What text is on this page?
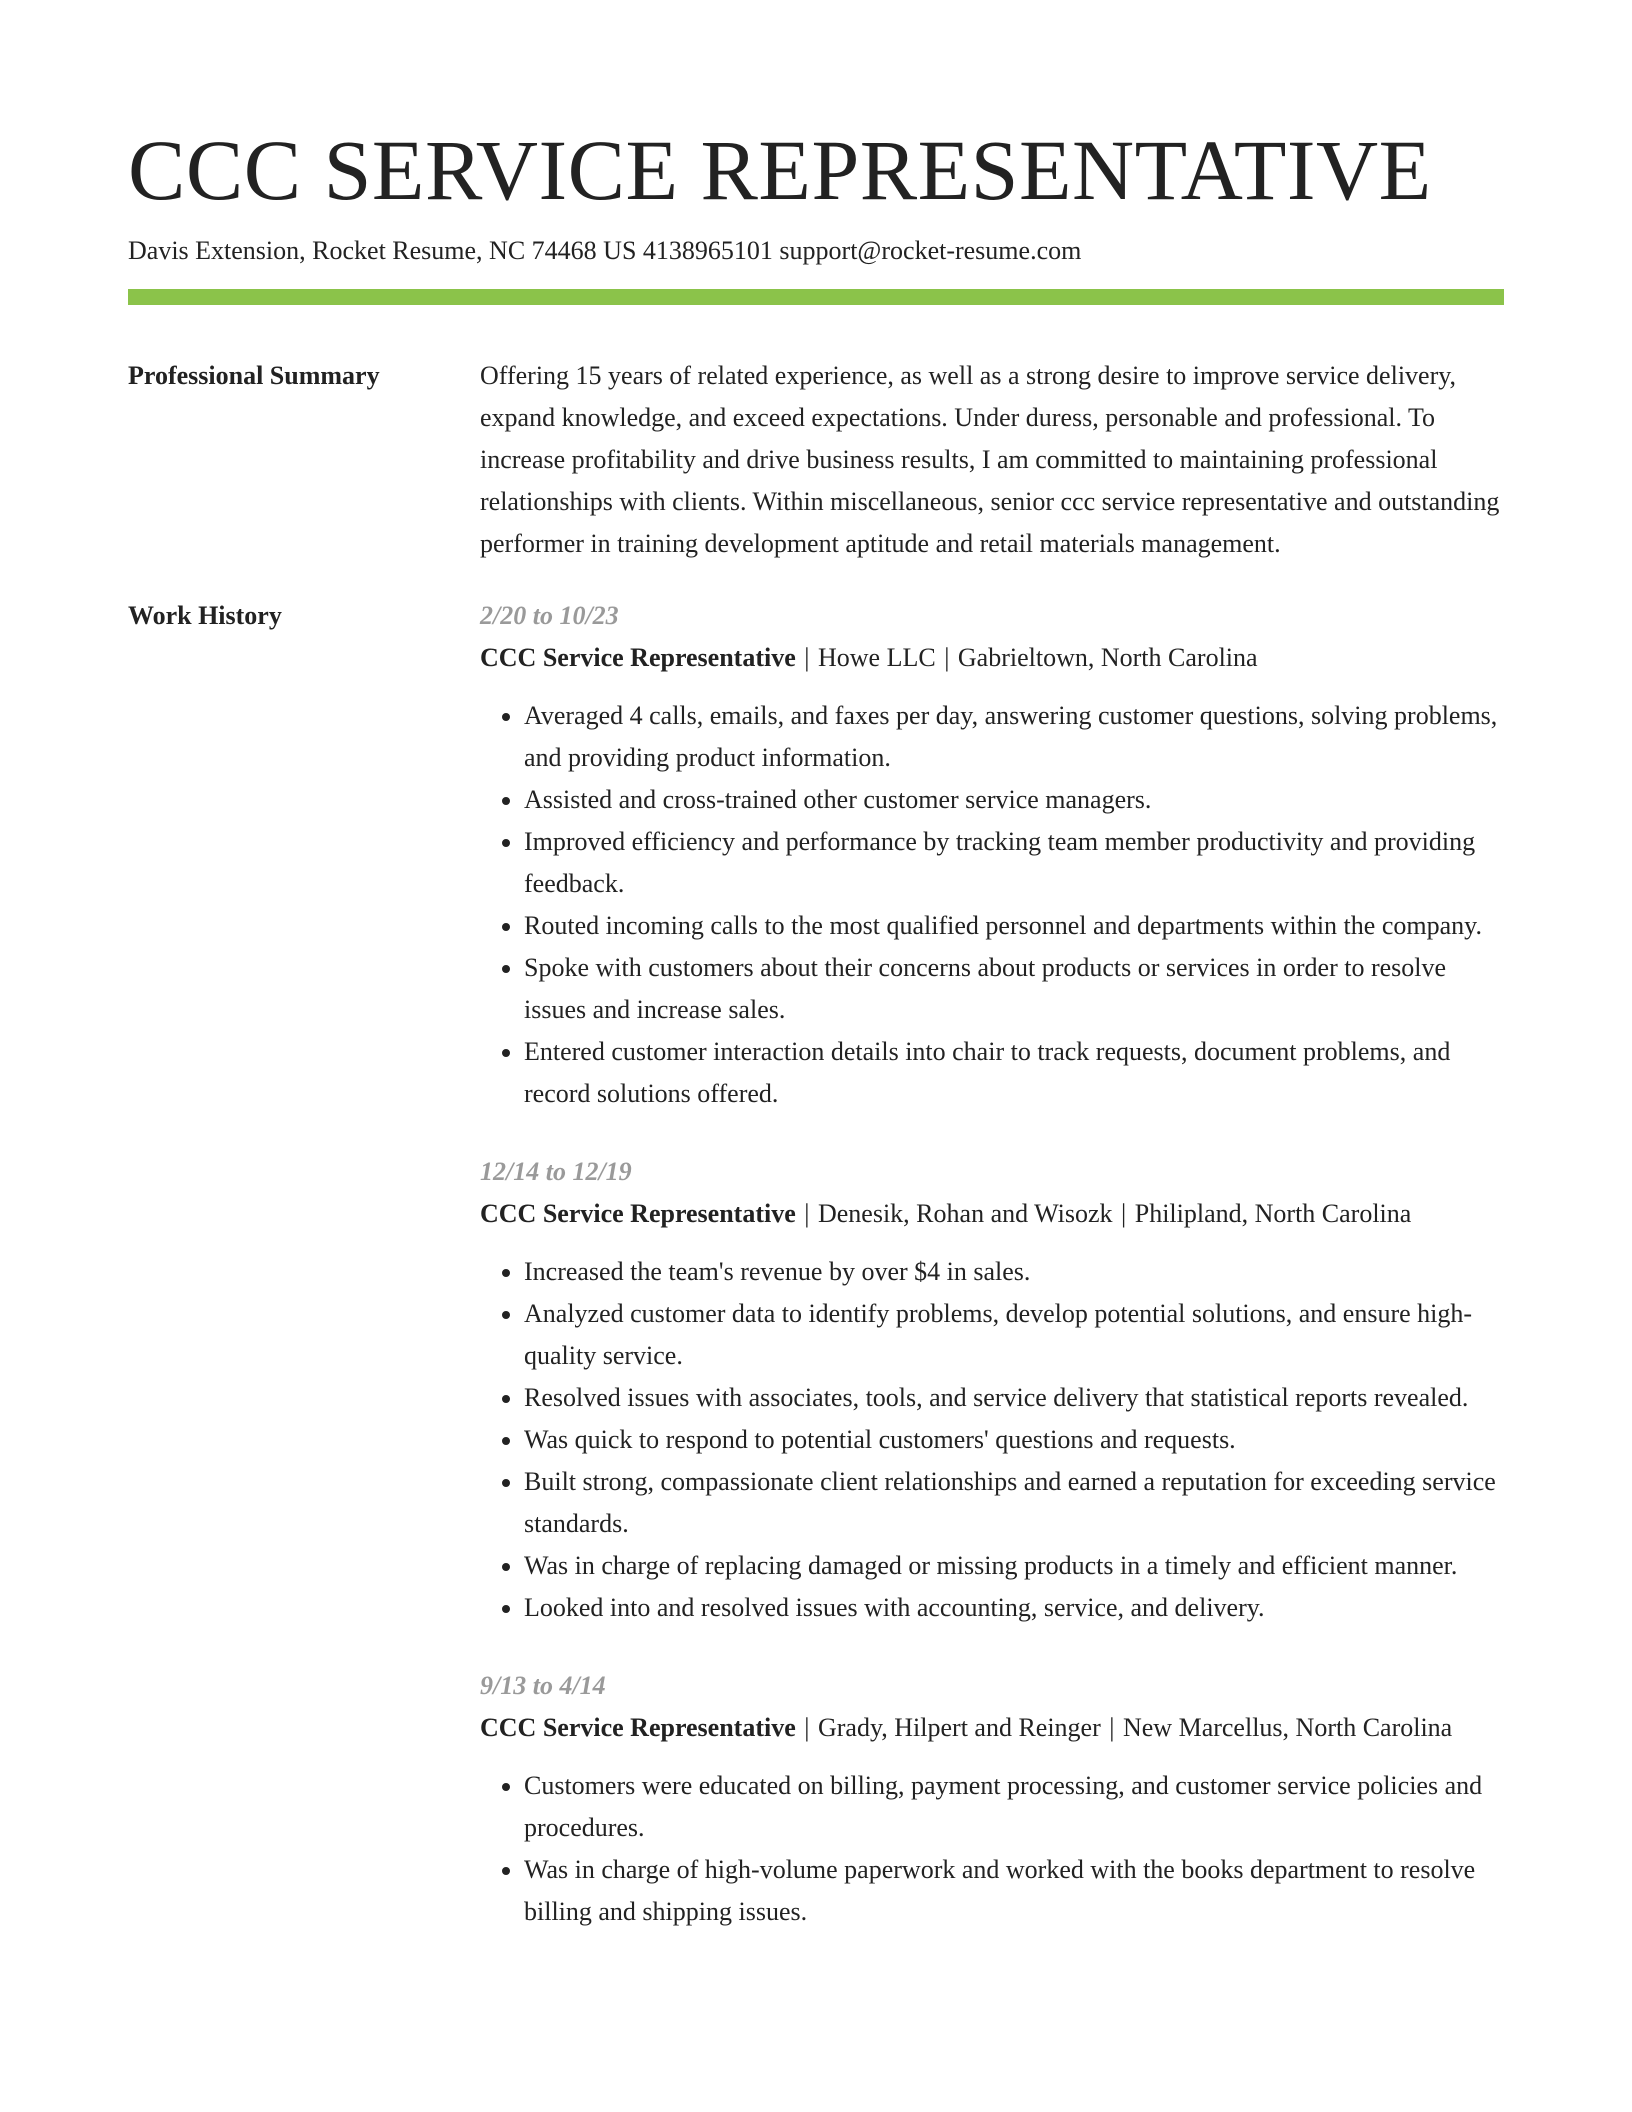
CCC SERVICE REPRESENTATIVE
Davis Extension, Rocket Resume, NC 74468 US 4138965101 support@rocket-resume.com
Professional Summary	Offering 15 years of related experience, as well as a strong desire to improve service delivery, expand knowledge, and exceed expectations. Under duress, personable and professional. To increase profitability and drive business results, I am committed to maintaining professional relationships with clients. Within miscellaneous, senior ccc service representative and outstanding performer in training development aptitude and retail materials management.

Work History	2/20 to 10/23
CCC Service Representative | Howe LLC | Gabrieltown, North Carolina
• Averaged 4 calls, emails, and faxes per day, answering customer questions, solving problems, and providing product information.
• Assisted and cross-trained other customer service managers.
• Improved efficiency and performance by tracking team member productivity and providing feedback.
• Routed incoming calls to the most qualified personnel and departments within the company.
• Spoke with customers about their concerns about products or services in order to resolve issues and increase sales.
• Entered customer interaction details into chair to track requests, document problems, and record solutions offered.
12/14 to 12/19
CCC Service Representative | Denesik, Rohan and Wisozk | Philipland, North Carolina
• Increased the team's revenue by over $4 in sales.
• Analyzed customer data to identify problems, develop potential solutions, and ensure high-quality service.
• Resolved issues with associates, tools, and service delivery that statistical reports revealed.
• Was quick to respond to potential customers' questions and requests.
• Built strong, compassionate client relationships and earned a reputation for exceeding service standards.
• Was in charge of replacing damaged or missing products in a timely and efficient manner.
• Looked into and resolved issues with accounting, service, and delivery.
9/13 to 4/14
CCC Service Representative | Grady, Hilpert and Reinger | New Marcellus, North Carolina
• Customers were educated on billing, payment processing, and customer service policies and procedures.
• Was in charge of high-volume paperwork and worked with the books department to resolve billing and shipping issues.
